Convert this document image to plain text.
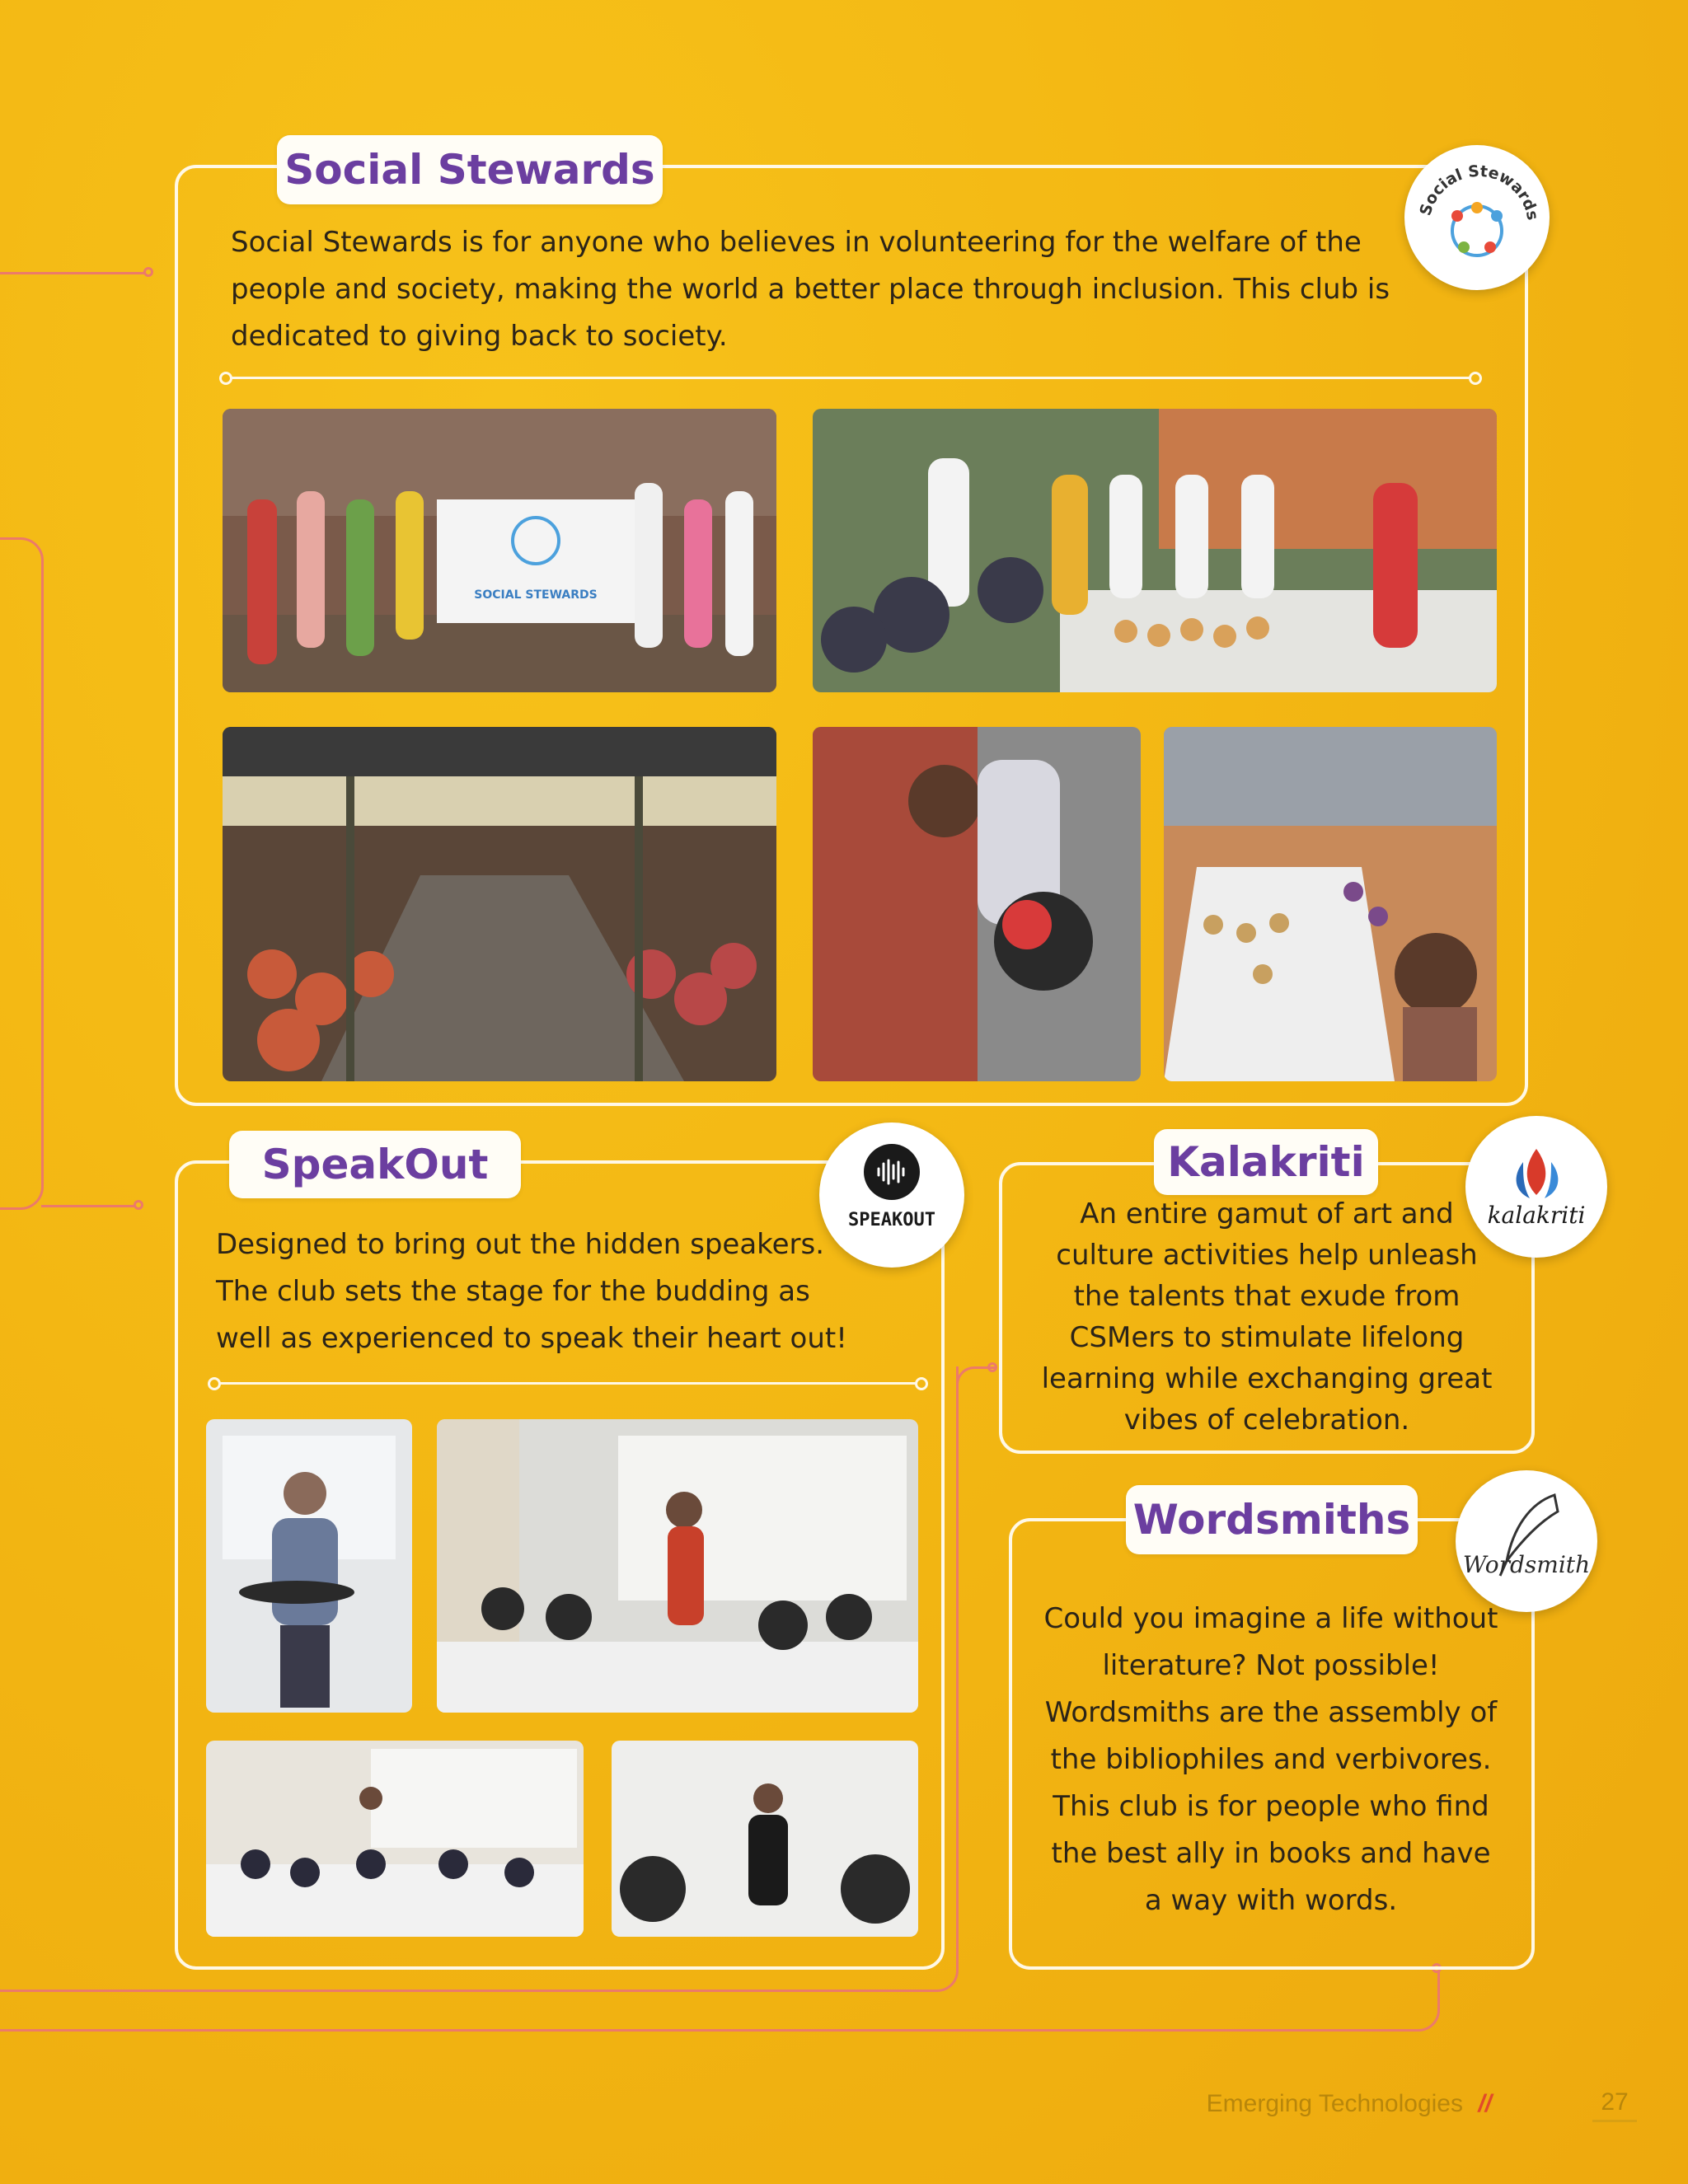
Social Stewards

Social Stewards is for anyone who believes in volunteering for the welfare of the people and society, making the world a better place through inclusion. This club is dedicated to giving back to society.

Social Stewards
SOCIAL STEWARDS
SpeakOut

Designed to bring out the hidden speakers. The club sets the stage for the budding as well as experienced to speak their heart out!

SPEAKOUT
Kalakriti

An entire gamut of art and culture activities help unleash the talents that exude from CSMers to stimulate lifelong learning while exchanging great vibes of celebration.

kalakriti
Wordsmiths

Could you imagine a life without literature? Not possible! Wordsmiths are the assembly of the bibliophiles and verbivores. This club is for people who find the best ally in books and have a way with words.

Wordsmith
Emerging Technologies //	27
